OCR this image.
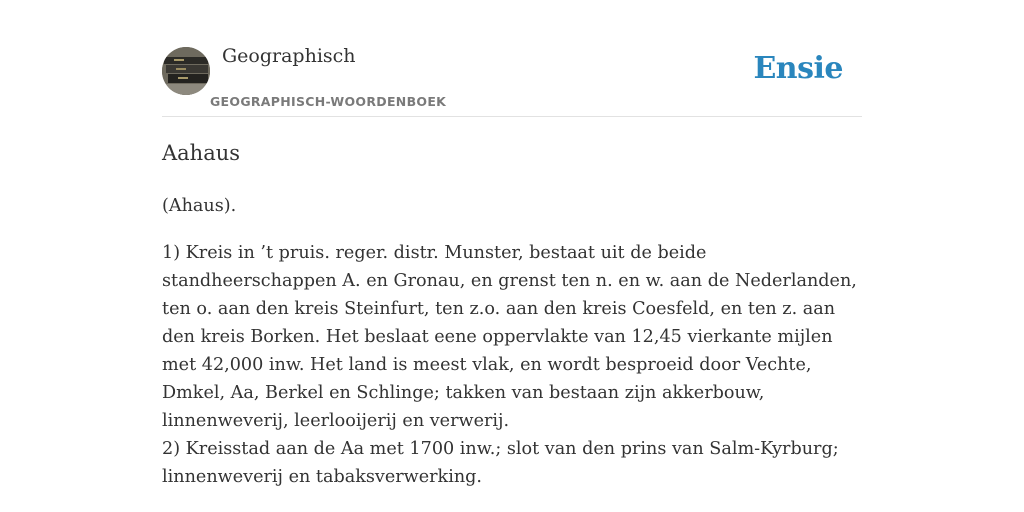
Geographisch
GEOGRAPHISCH-WOORDENBOEK
Ensie
Aahaus

(Ahaus).

1) Kreis in ’t pruis. reger. distr. Munster, bestaat uit de beide standheerschappen A. en Gronau, en grenst ten n. en w. aan de Nederlanden, ten o. aan den kreis Steinfurt, ten z.o. aan den kreis Coesfeld, en ten z. aan den kreis Borken. Het beslaat eene oppervlakte van 12,45 vierkante mijlen met 42,000 inw. Het land is meest vlak, en wordt besproeid door Vechte, Dmkel, Aa, Berkel en Schlinge; takken van bestaan zijn akkerbouw, linnenweverij, leerlooijerij en verwerij.
2) Kreisstad aan de Aa met 1700 inw.; slot van den prins van Salm-Kyrburg; linnenweverij en tabaksverwerking.
